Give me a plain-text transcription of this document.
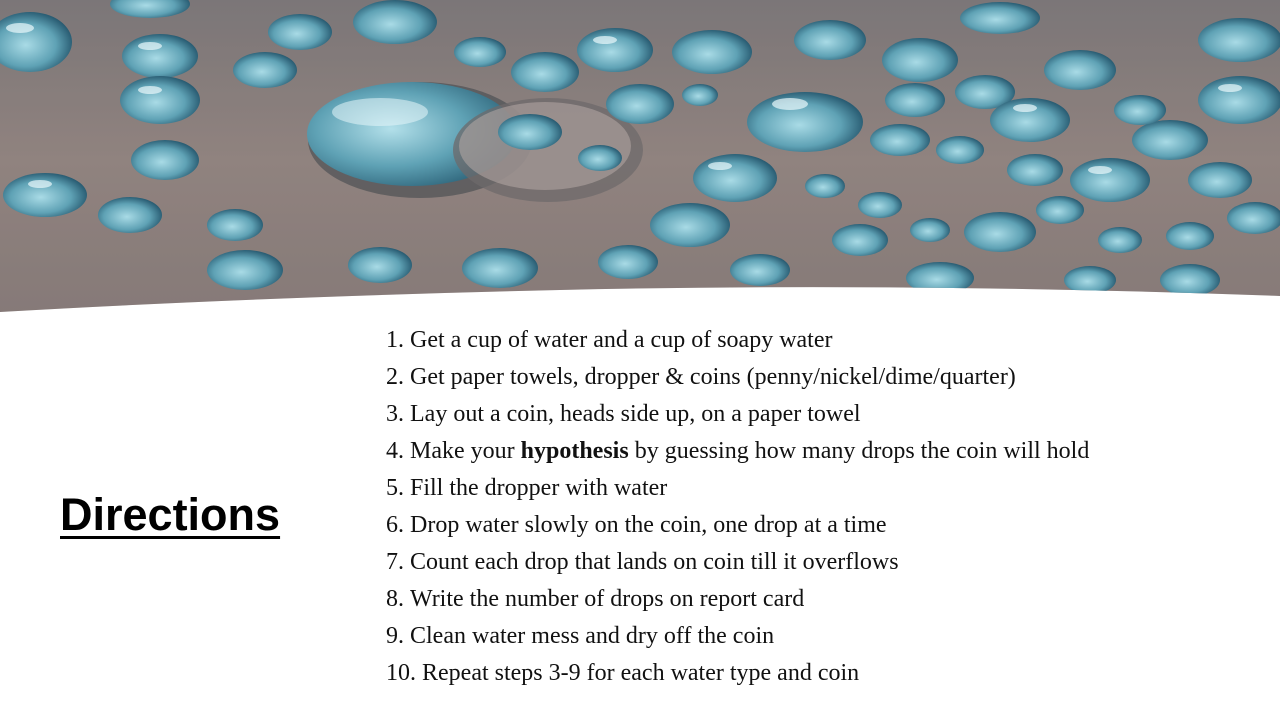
Directions
1. Get a cup of water and a cup of soapy water
2. Get paper towels, dropper & coins (penny/nickel/dime/quarter)
3. Lay out a coin, heads side up, on a paper towel
4. Make your hypothesis by guessing how many drops the coin will hold
5. Fill the dropper with water
6. Drop water slowly on the coin, one drop at a time
7. Count each drop that lands on coin till it overflows
8. Write the number of drops on report card
9. Clean water mess and dry off the coin
10. Repeat steps 3-9 for each water type and coin
